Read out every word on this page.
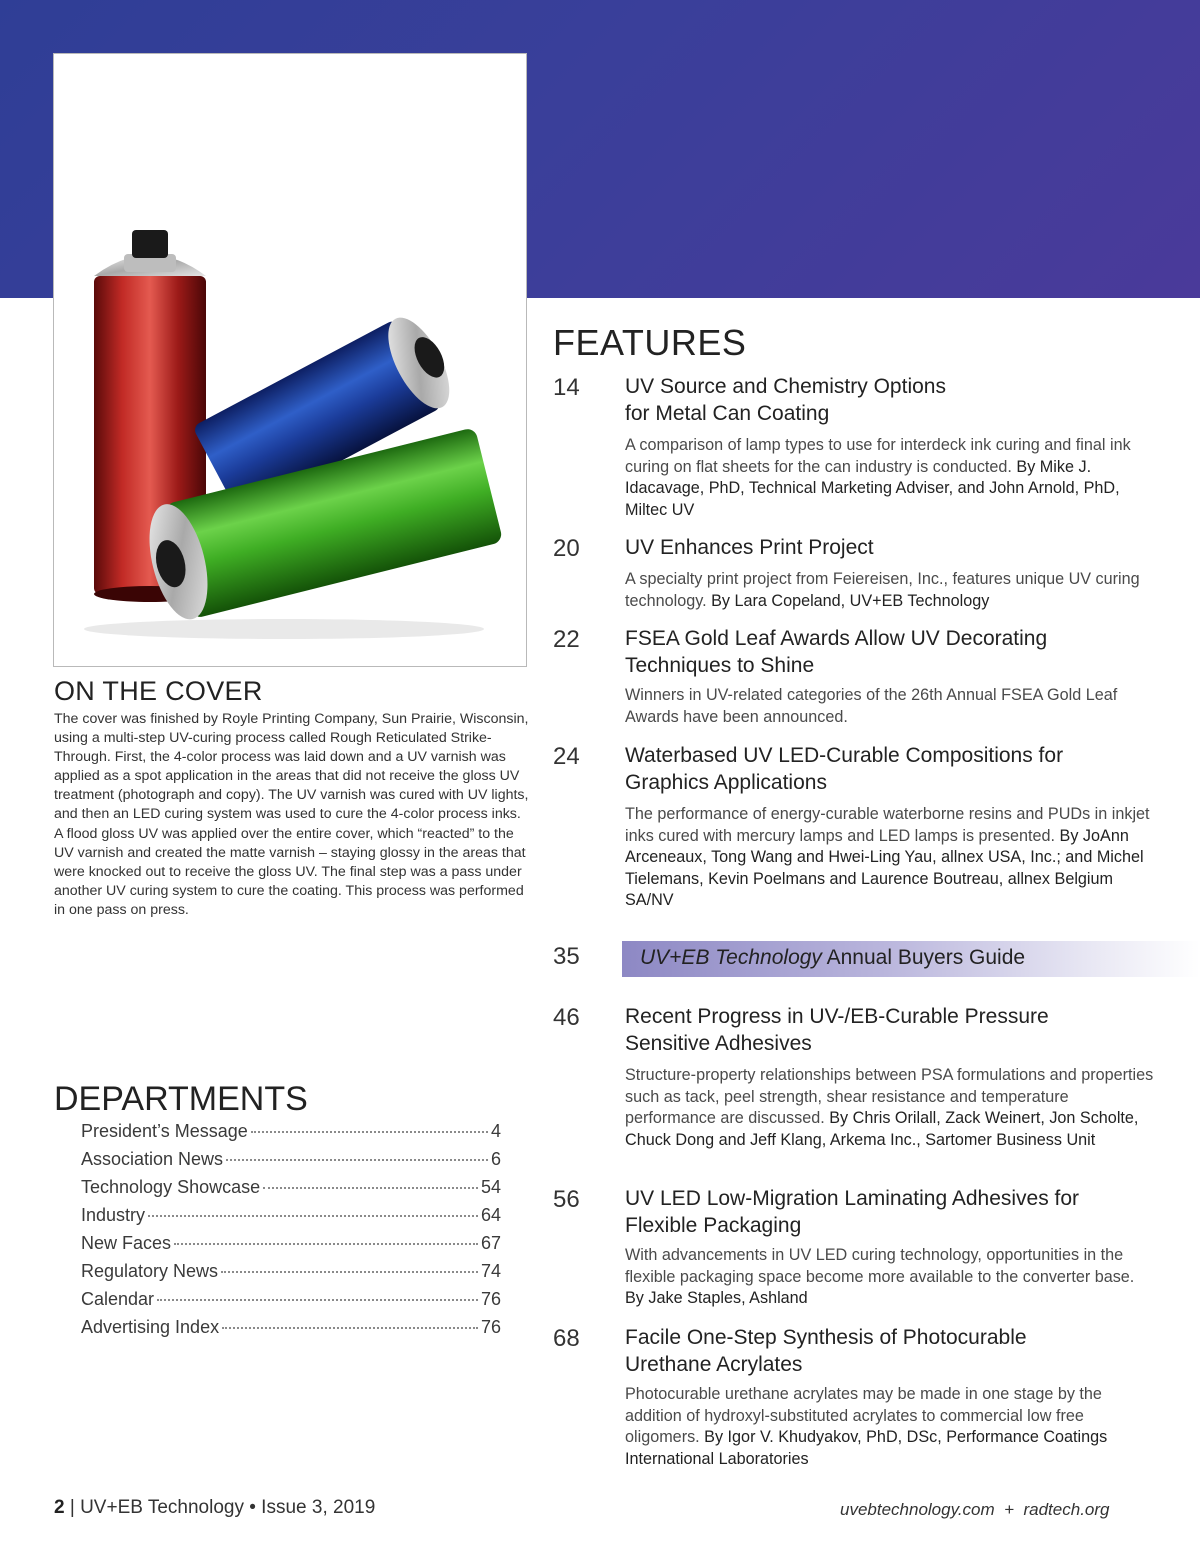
ON THE COVER

The cover was finished by Royle Printing Company, Sun Prairie, Wisconsin, using a multi-step UV-curing process called Rough Reticulated Strike-Through. First, the 4-color process was laid down and a UV varnish was applied as a spot application in the areas that did not receive the gloss UV treatment (photograph and copy). The UV varnish was cured with UV lights, and then an LED curing system was used to cure the 4-color process inks. A flood gloss UV was applied over the entire cover, which “reacted” to the UV varnish and created the matte varnish – staying glossy in the areas that were knocked out to receive the gloss UV. The final step was a pass under another UV curing system to cure the coating. This process was performed in one pass on press.

DEPARTMENTS
President’s Message	4
Association News	6
Technology Showcase	54
Industry	64
New Faces	67
Regulatory News	74
Calendar	76
Advertising Index	76
FEATURES
14 UV Source and Chemistry Options for Metal Can Coating

A comparison of lamp types to use for interdeck ink curing and final ink curing on flat sheets for the can industry is conducted. By Mike J. Idacavage, PhD, Technical Marketing Adviser, and John Arnold, PhD, Miltec UV

20 UV Enhances Print Project

A specialty print project from Feiereisen, Inc., features unique UV curing technology. By Lara Copeland, UV+EB Technology

22 FSEA Gold Leaf Awards Allow UV Decorating Techniques to Shine

Winners in UV-related categories of the 26th Annual FSEA Gold Leaf Awards have been announced.

24 Waterbased UV LED-Curable Compositions for Graphics Applications

The performance of energy-curable waterborne resins and PUDs in inkjet inks cured with mercury lamps and LED lamps is presented. By JoAnn Arceneaux, Tong Wang and Hwei-Ling Yau, allnex USA, Inc.; and Michel Tielemans, Kevin Poelmans and Laurence Boutreau, allnex Belgium SA/NV

35	UV+EB Technology Annual Buyers Guide
46 Recent Progress in UV-/EB-Curable Pressure Sensitive Adhesives

Structure-property relationships between PSA formulations and properties such as tack, peel strength, shear resistance and temperature performance are discussed. By Chris Orilall, Zack Weinert, Jon Scholte, Chuck Dong and Jeff Klang, Arkema Inc., Sartomer Business Unit

56 UV LED Low-Migration Laminating Adhesives for Flexible Packaging

With advancements in UV LED curing technology, opportunities in the flexible packaging space become more available to the converter base. By Jake Staples, Ashland

68 Facile One-Step Synthesis of Photocurable Urethane Acrylates

Photocurable urethane acrylates may be made in one stage by the addition of hydroxyl-substituted acrylates to commercial low free oligomers. By Igor V. Khudyakov, PhD, DSc, Performance Coatings International Laboratories

2 | UV+EB Technology • Issue 3, 2019	uvebtechnology.com  +  radtech.org
